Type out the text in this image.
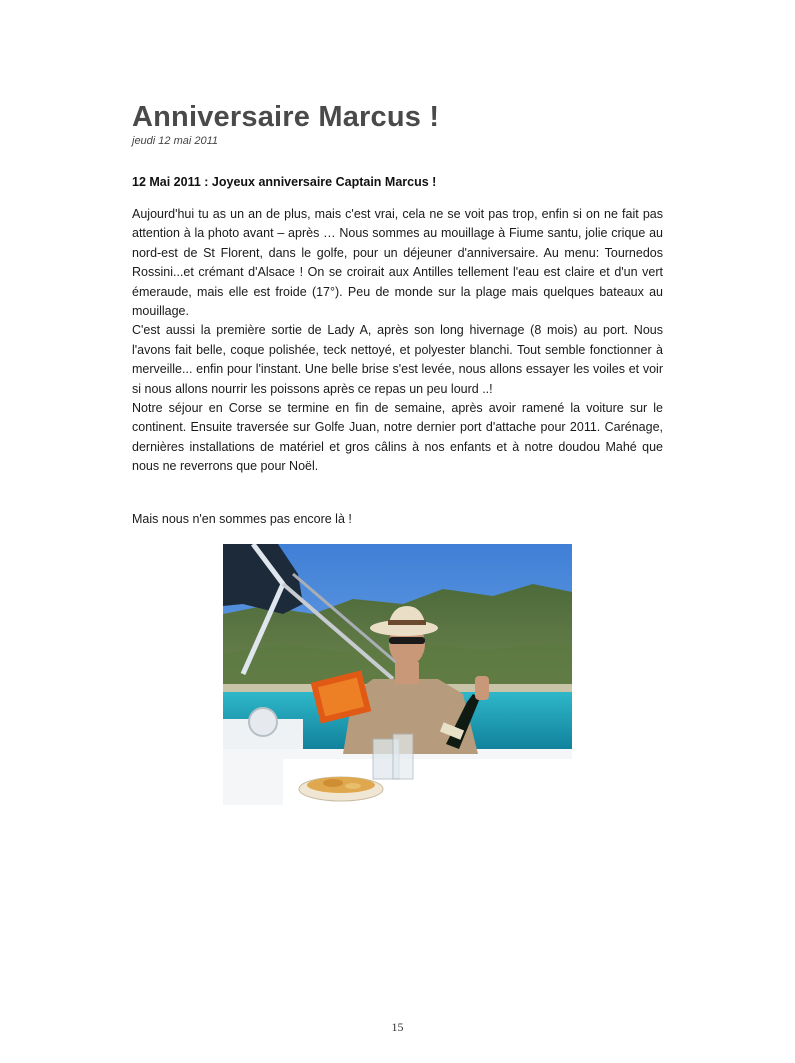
Anniversaire Marcus !

jeudi 12 mai 2011

12 Mai 2011 : Joyeux anniversaire Captain Marcus !

Aujourd'hui tu as un an de plus, mais c'est vrai, cela ne se voit pas trop, enfin si on ne fait pas attention à la photo avant – après … Nous sommes au mouillage à Fiume santu, jolie crique au nord-est de St Florent, dans le golfe, pour un déjeuner d'anniversaire. Au menu: Tournedos Rossini...et crémant d'Alsace ! On se croirait aux Antilles tellement l'eau est claire et d'un vert émeraude, mais elle est froide (17°). Peu de monde sur la plage mais quelques bateaux au mouillage.

C'est aussi la première sortie de Lady A, après son long hivernage (8 mois) au port. Nous l'avons fait belle, coque polishée, teck nettoyé, et polyester blanchi. Tout semble fonctionner à merveille... enfin pour l'instant. Une belle brise s'est levée, nous allons essayer les voiles et voir si nous allons nourrir les poissons après ce repas un peu lourd ..!

Notre séjour en Corse se termine en fin de semaine, après avoir ramené la voiture sur le continent. Ensuite traversée sur Golfe Juan, notre dernier port d'attache pour 2011. Carénage, dernières installations de matériel et gros câlins à nos enfants et à notre doudou Mahé que nous ne reverrons que pour Noël.

Mais nous n'en sommes pas encore là !

15
